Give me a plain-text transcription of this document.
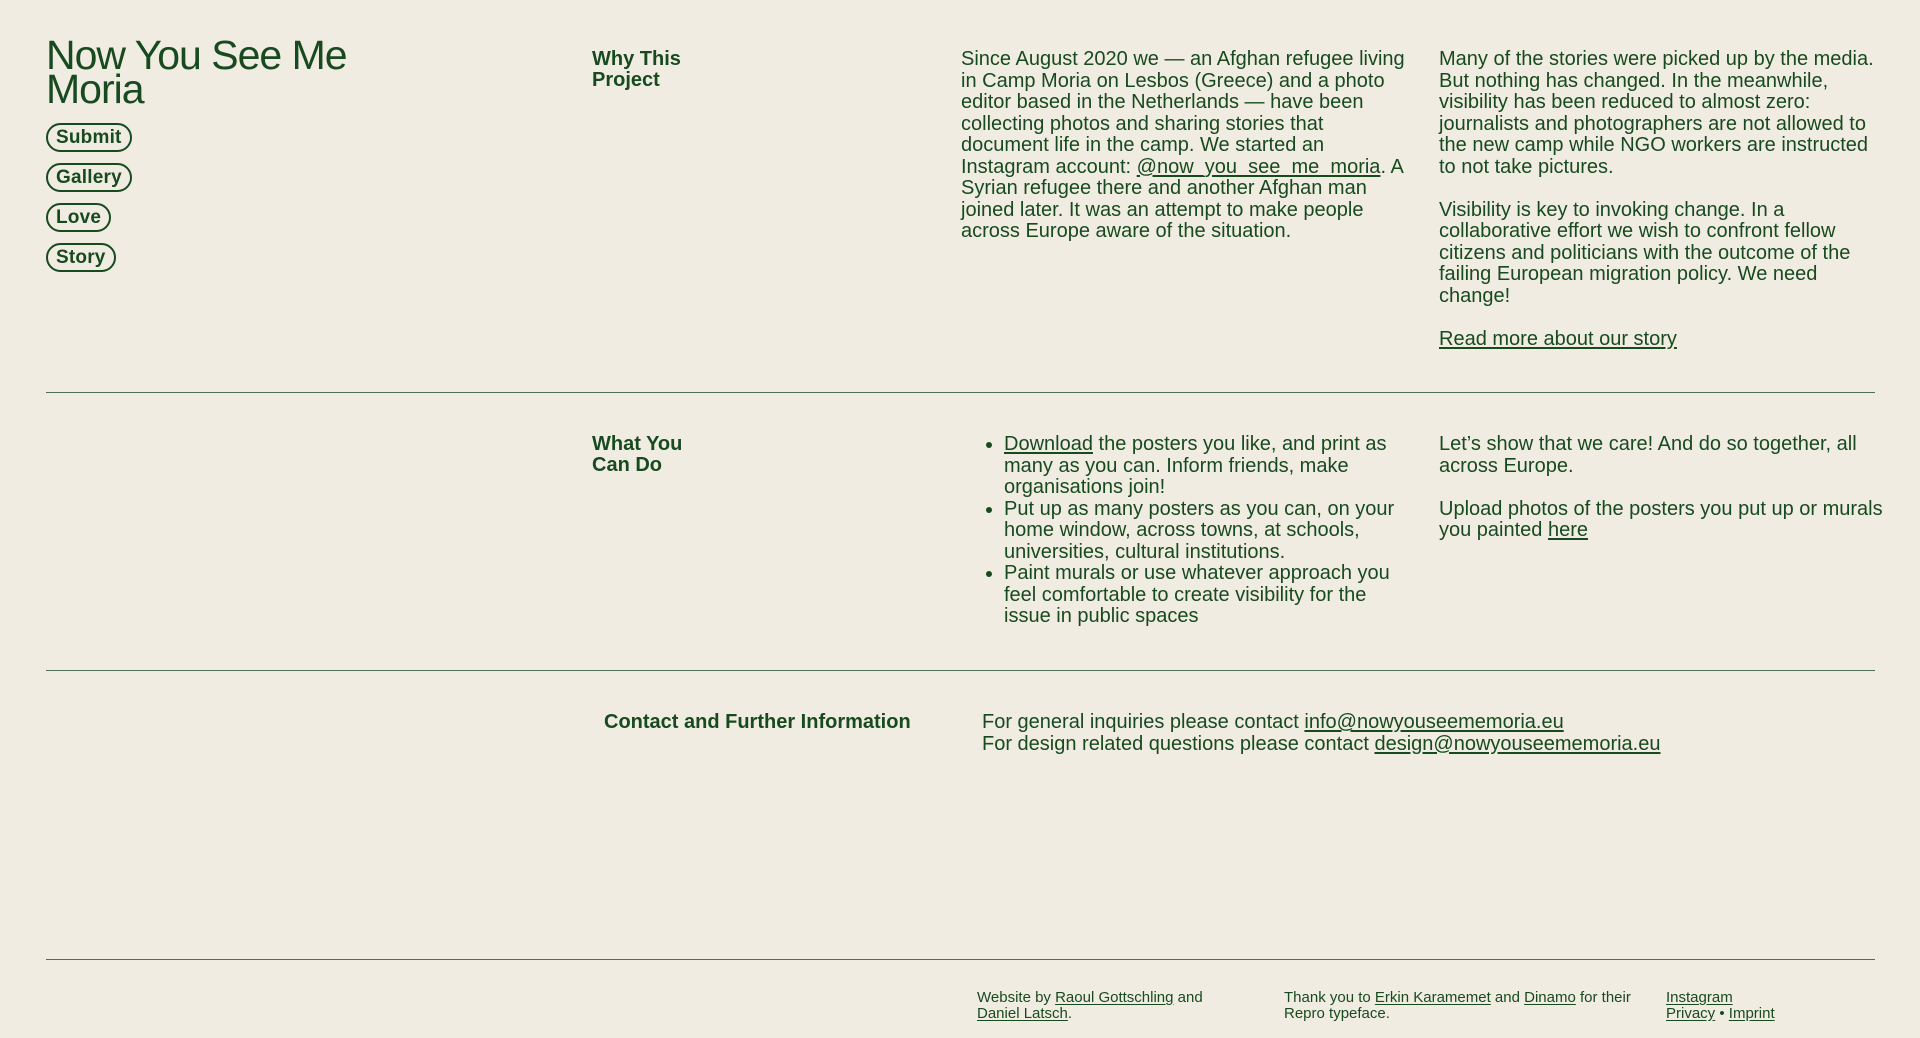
Now You See Me
Moria
Submit
Gallery
Love
Story
Why This
Project

Since August 2020 we — an Afghan refugee living in Camp Moria on Lesbos (Greece) and a photo editor based in the Netherlands — have been collecting photos and sharing stories that document life in the camp. We started an Instagram account: @now_you_see_me_moria. A Syrian refugee there and another Afghan man joined later. It was an attempt to make people across Europe aware of the situation.

Many of the stories were picked up by the media. But nothing has changed. In the meanwhile, visibility has been reduced to almost zero: journalists and photographers are not allowed to the new camp while NGO workers are instructed to not take pictures.

Visibility is key to invoking change. In a collaborative effort we wish to confront fellow citizens and politicians with the outcome of the failing European migration policy. We need change!

Read more about our story

What You
Can Do
• Download the posters you like, and print as many as you can. Inform friends, make organisations join!
• Put up as many posters as you can, on your home window, across towns, at schools, universities, cultural institutions.
• Paint murals or use whatever approach you feel comfortable to create visibility for the issue in public spaces

Let’s show that we care! And do so together, all across Europe.

Upload photos of the posters you put up or murals you painted here

Contact and Further Information	For general inquiries please contact info@nowyouseememoria.eu
For design related questions please contact design@nowyouseememoria.eu
Website by Raoul Gottschling and
Daniel Latsch.
Thank you to Erkin Karamemet and Dinamo for their Repro typeface.
Instagram
Privacy • Imprint
